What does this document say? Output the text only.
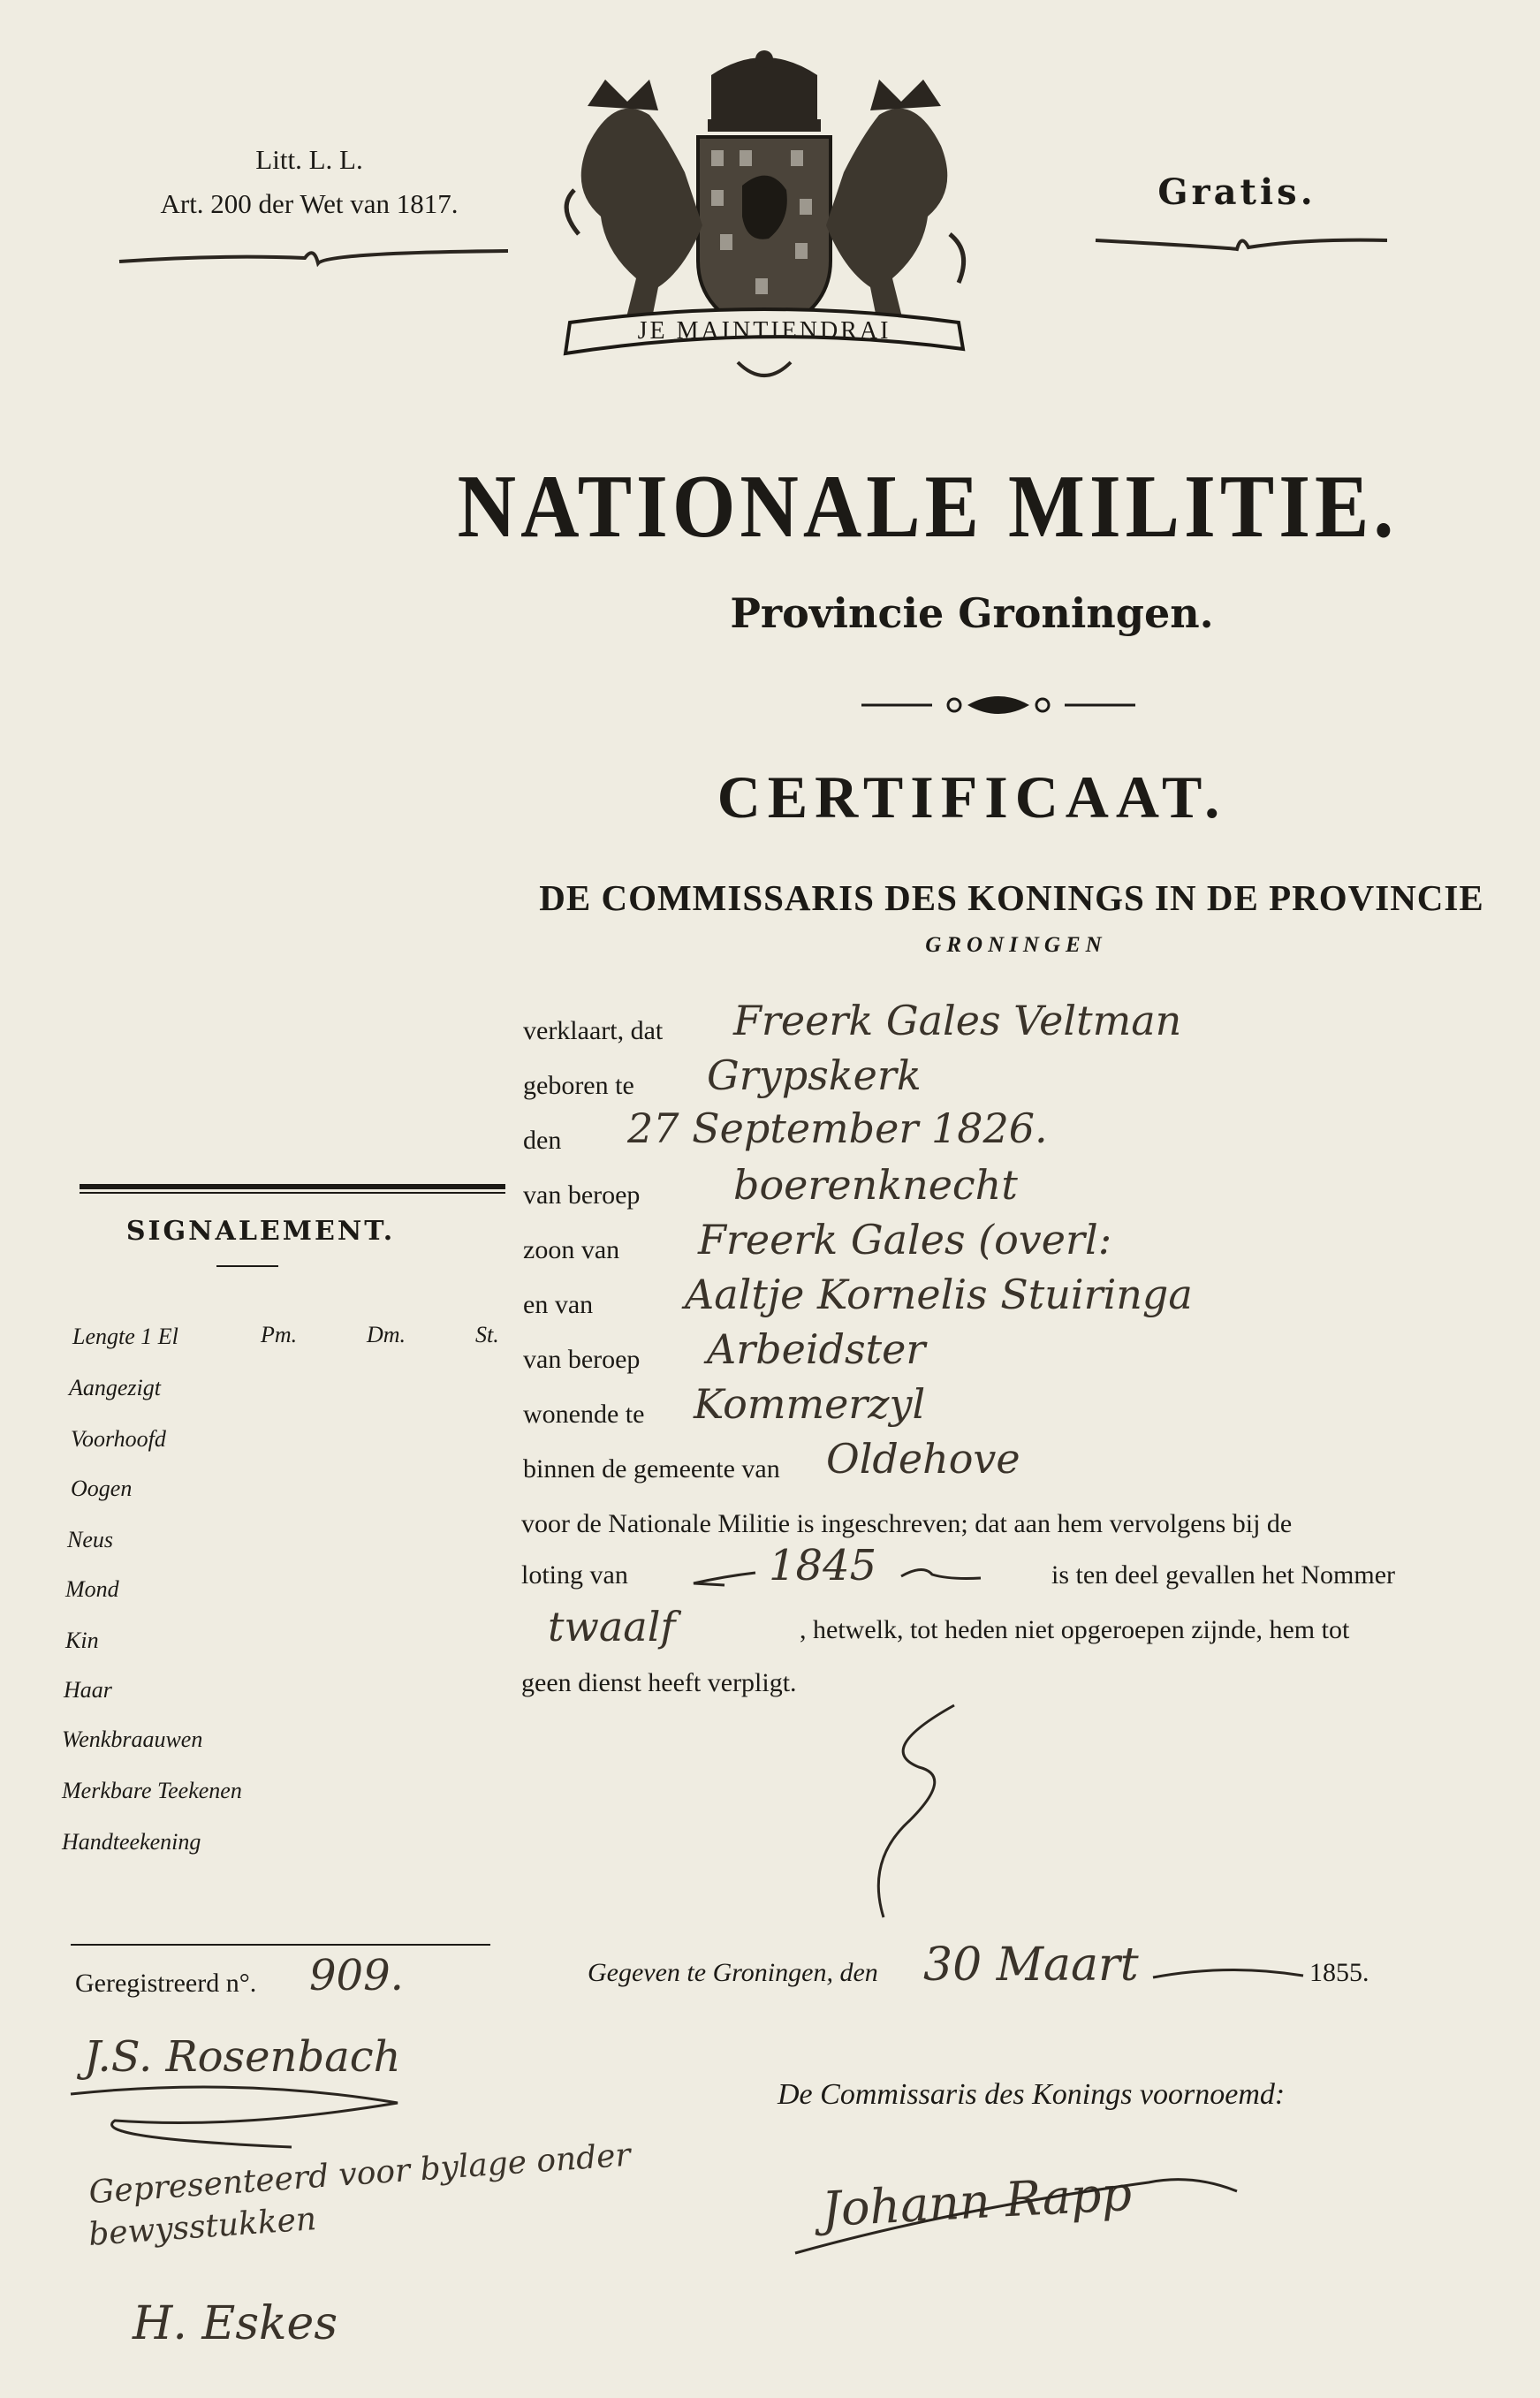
Litt. L. L.
Art. 200 der Wet van 1817.	Gratis.
JE MAINTIENDRAI
NATIONALE MILITIE.
Provincie Groningen.
CERTIFICAAT.
DE COMMISSARIS DES KONINGS IN DE PROVINCIE
GRONINGEN
verklaart, dat Freerk Gales Veltman
geboren te Grypskerk
den 27 September 1826.
van beroep boerenknecht
zoon van Freerk Gales (overl:
en van Aaltje Kornelis Stuiringa
van beroep Arbeidster
wonende te Kommerzyl
binnen de gemeente van Oldehove
voor de Nationale Militie is ingeschreven; dat aan hem vervolgens bij de
loting van	1845	is ten deel gevallen het Nommer
twaalf	, hetwelk, tot heden niet opgeroepen zijnde, hem tot
geen dienst heeft verpligt.
SIGNALEMENT.
Lengte 1 El	Pm.	Dm.	St.
Aangezigt
Voorhoofd
Oogen
Neus
Mond
Kin
Haar
Wenkbraauwen
Merkbare Teekenen
Handteekening
Geregistreerd n°. 909.
J.S. Rosenbach
Gepresenteerd voor bylage onder
bewysstukken
H. Eskes
Gegeven te Groningen, den 30 Maart	1855.
De Commissaris des Konings voornoemd:
Johann Rapp
